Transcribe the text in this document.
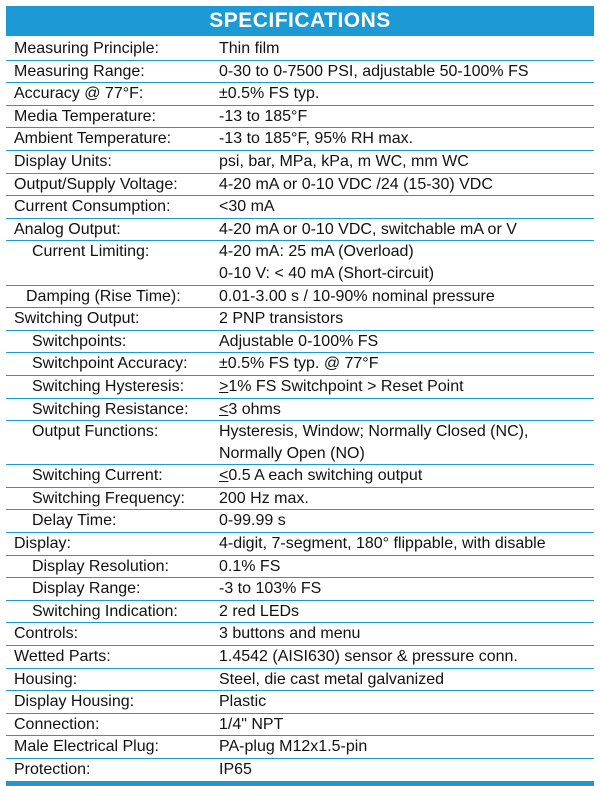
SPECIFICATIONS
Measuring Principle:	Thin film
Measuring Range:	0-30 to 0-7500 PSI, adjustable 50-100% FS
Accuracy @ 77°F:	±0.5% FS typ.
Media Temperature:	-13 to 185°F
Ambient Temperature:	-13 to 185°F, 95% RH max.
Display Units:	psi, bar, MPa, kPa, m WC, mm WC
Output/Supply Voltage:	4-20 mA or 0-10 VDC /24 (15-30) VDC
Current Consumption:	<30 mA
Analog Output:	4-20 mA or 0-10 VDC, switchable mA or V
Current Limiting:	4-20 mA: 25 mA (Overload)
0-10 V: < 40 mA (Short-circuit)
Damping (Rise Time):	0.01-3.00 s / 10-90% nominal pressure
Switching Output:	2 PNP transistors
Switchpoints:	Adjustable 0-100% FS
Switchpoint Accuracy:	±0.5% FS typ. @ 77°F
Switching Hysteresis:	>1% FS Switchpoint > Reset Point
Switching Resistance:	<3 ohms
Output Functions:	Hysteresis, Window; Normally Closed (NC),
Normally Open (NO)
Switching Current:	<0.5 A each switching output
Switching Frequency:	200 Hz max.
Delay Time:	0-99.99 s
Display:	4-digit, 7-segment, 180° flippable, with disable
Display Resolution:	0.1% FS
Display Range:	-3 to 103% FS
Switching Indication:	2 red LEDs
Controls:	3 buttons and menu
Wetted Parts:	1.4542 (AISI630) sensor & pressure conn.
Housing:	Steel, die cast metal galvanized
Display Housing:	Plastic
Connection:	1/4" NPT
Male Electrical Plug:	PA-plug M12x1.5-pin
Protection:	IP65
